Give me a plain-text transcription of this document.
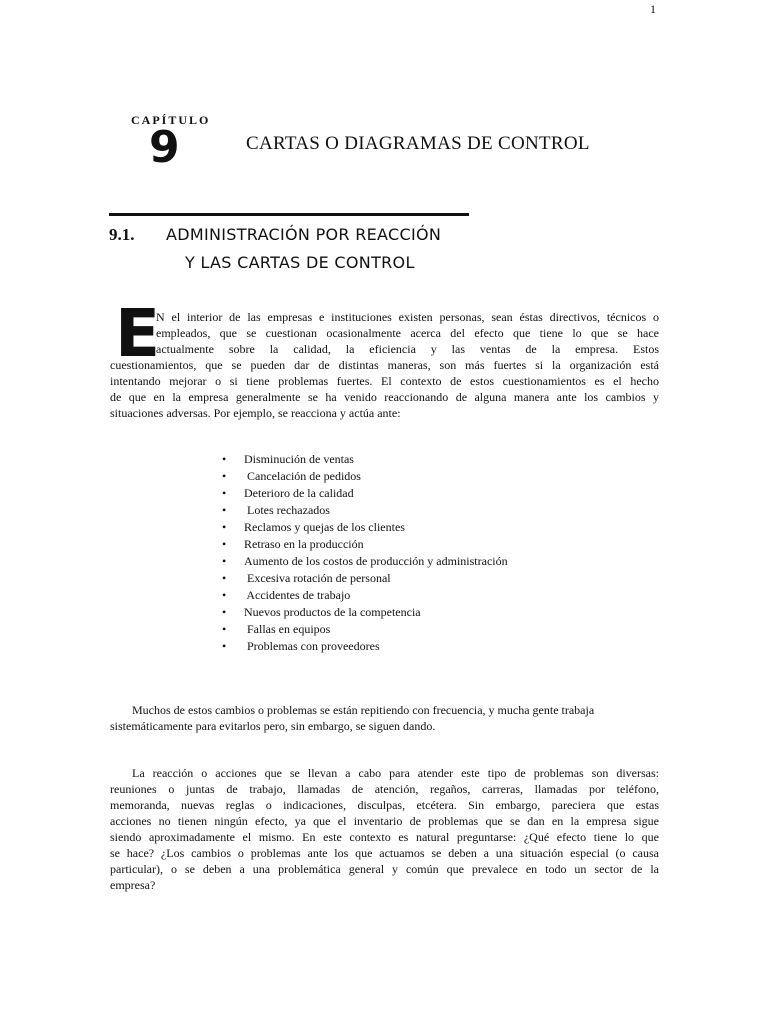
1
CAPÍTULO
9	CARTAS O DIAGRAMAS DE CONTROL
9.1. ADMINISTRACIÓN POR REACCIÓN
Y LAS CARTAS DE CONTROL
E
N el interior de las empresas e instituciones existen personas, sean éstas directivos, técnicos o
empleados, que se cuestionan ocasionalmente acerca del efecto que tiene lo que se hace
actualmente sobre la calidad, la eficiencia y las ventas de la empresa. Estos
cuestionamientos, que se pueden dar de distintas maneras, son más fuertes si la organización está
intentando mejorar o si tiene problemas fuertes. El contexto de estos cuestionamientos es el hecho
de que en la empresa generalmente se ha venido reaccionando de alguna manera ante los cambios y
situaciones adversas. Por ejemplo, se reacciona y actúa ante:
• Disminución de ventas
• Cancelación de pedidos
• Deterioro de la calidad
• Lotes rechazados
• Reclamos y quejas de los clientes
• Retraso en la producción
• Aumento de los costos de producción y administración
• Excesiva rotación de personal
• Accidentes de trabajo
• Nuevos productos de la competencia
• Fallas en equipos
• Problemas con proveedores
Muchos de estos cambios o problemas se están repitiendo con frecuencia, y mucha gente trabaja
sistemáticamente para evitarlos pero, sin embargo, se siguen dando.
La reacción o acciones que se llevan a cabo para atender este tipo de problemas son diversas:
reuniones o juntas de trabajo, llamadas de atención, regaños, carreras, llamadas por teléfono,
memoranda, nuevas reglas o indicaciones, disculpas, etcétera. Sin embargo, pareciera que estas
acciones no tienen ningún efecto, ya que el inventario de problemas que se dan en la empresa sigue
siendo aproximadamente el mismo. En este contexto es natural preguntarse: ¿Qué efecto tiene lo que
se hace? ¿Los cambios o problemas ante los que actuamos se deben a una situación especial (o causa
particular), o se deben a una problemática general y común que prevalece en todo un sector de la
empresa?
